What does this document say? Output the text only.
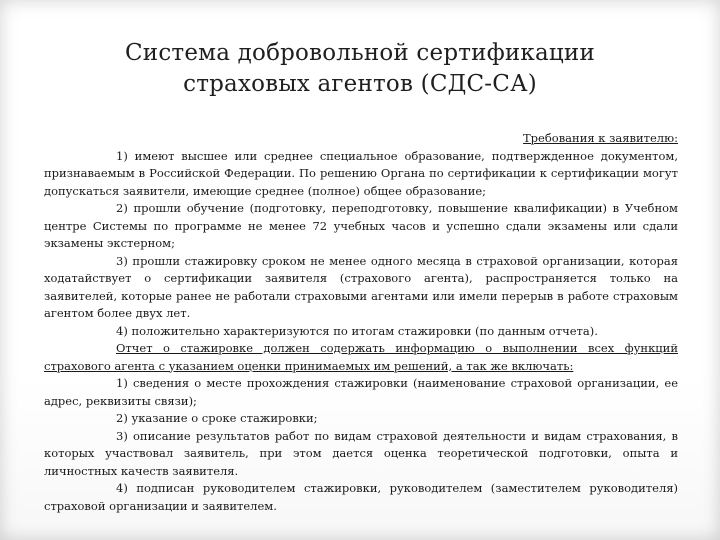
Система добровольной сертификации
страховых агентов (СДС-СА)

Требования к заявителю:

1) имеют высшее или среднее специальное образование, подтвержденное документом, признаваемым в Российской Федерации. По решению Органа по сертификации к сертификации могут допускаться заявители, имеющие среднее (полное) общее образование;

2) прошли обучение (подготовку, переподготовку, повышение квалификации) в Учебном центре Системы по программе не менее 72 учебных часов и успешно сдали экзамены или сдали экзамены экстерном;

3) прошли стажировку сроком не менее одного месяца в страховой организации, которая ходатайствует о сертификации заявителя (страхового агента), распространяется только на заявителей, которые ранее не работали страховыми агентами или имели перерыв в работе страховым агентом более двух лет.

4) положительно характеризуются по итогам стажировки (по данным отчета).

Отчет о стажировке должен содержать информацию о выполнении всех функций страхового агента с указанием оценки принимаемых им решений, а так же включать:

1) сведения о месте прохождения стажировки (наименование страховой организации, ее адрес, реквизиты связи);

2) указание о сроке стажировки;

3) описание результатов работ по видам страховой деятельности и видам страхования, в которых участвовал заявитель, при этом дается оценка теоретической подготовки, опыта и личностных качеств заявителя.

4) подписан руководителем стажировки, руководителем (заместителем руководителя) страховой организации и заявителем.
